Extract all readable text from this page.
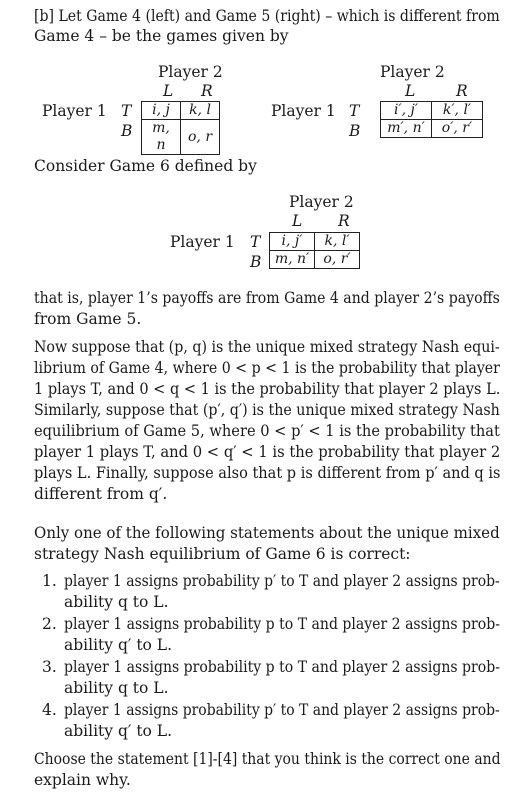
[b] Let Game 4 (left) and Game 5 (right) – which is different from
Game 4 – be the games given by
Player 2
L R
Player 1 T
B
i, j	k, l
m, n	o, r
Player 2
L	R
Player 1 T
B
i′, j′	k′, l′
m′, n′	o′, r′
Consider Game 6 defined by
Player 2
L R
Player 1 T
B
i, j′	k, l′
m, n′	o, r′
that is, player 1’s payoffs are from Game 4 and player 2’s payoffs
from Game 5.
Now suppose that (p, q) is the unique mixed strategy Nash equi-
librium of Game 4, where 0 < p < 1 is the probability that player
1 plays T, and 0 < q < 1 is the probability that player 2 plays L.
Similarly, suppose that (p′, q′) is the unique mixed strategy Nash
equilibrium of Game 5, where 0 < p′ < 1 is the probability that
player 1 plays T, and 0 < q′ < 1 is the probability that player 2
plays L. Finally, suppose also that p is different from p′ and q is
different from q′.
Only one of the following statements about the unique mixed
strategy Nash equilibrium of Game 6 is correct:
1. player 1 assigns probability p′ to T and player 2 assigns prob-
ability q to L.
2. player 1 assigns probability p to T and player 2 assigns prob-
ability q′ to L.
3. player 1 assigns probability p to T and player 2 assigns prob-
ability q to L.
4. player 1 assigns probability p′ to T and player 2 assigns prob-
ability q′ to L.
Choose the statement [1]-[4] that you think is the correct one and
explain why.
